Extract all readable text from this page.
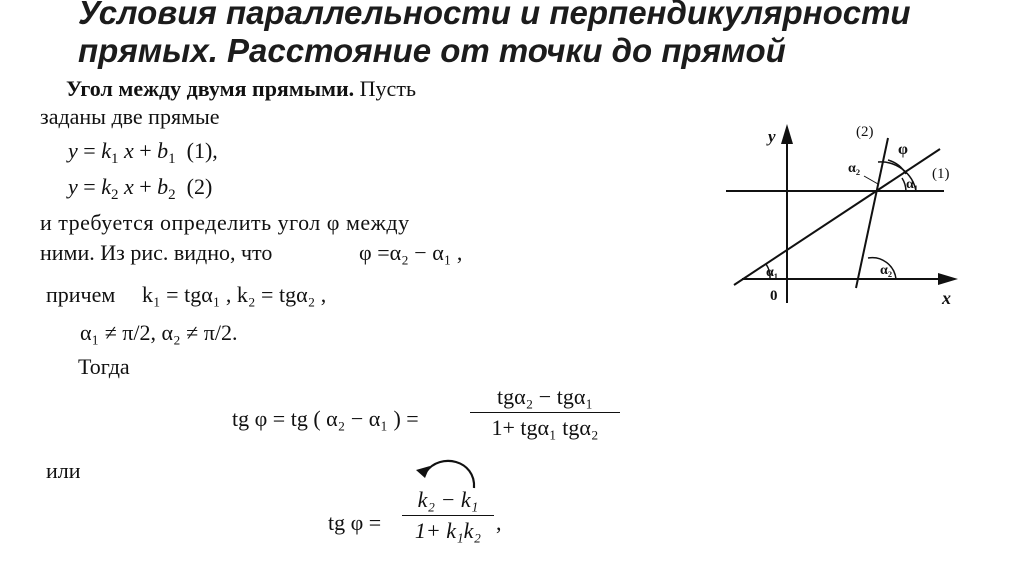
Условия параллельности и перпендикулярности
прямых. Расстояние от точки до прямой
Угол между двумя прямыми. Пусть
заданы две прямые
$y = k_1$ $x + b_1$ (1),
$y = k_2$ $x + b_2$ (2)
и требуется определить угол φ между
ними. Из рис. видно, что	φ =α₂ − α₁ ,
причем k₁ = tgα₁ , k₂ = tgα₂ ,
α₁ ≠ π/2, α₂ ≠ π/2.
Тогда
tg φ = tg ( α₂ − α₁ ) =
tgα₂ − tgα₁
1+ tgα₁ tgα₂
или
tg $\varphi = \frac{\text{k₂ − k₁}}{\text{1+ k₁k₂}}$ ,
y
x
0
(2)
(1)
φ
α₁
α₂
α₁	α₂
